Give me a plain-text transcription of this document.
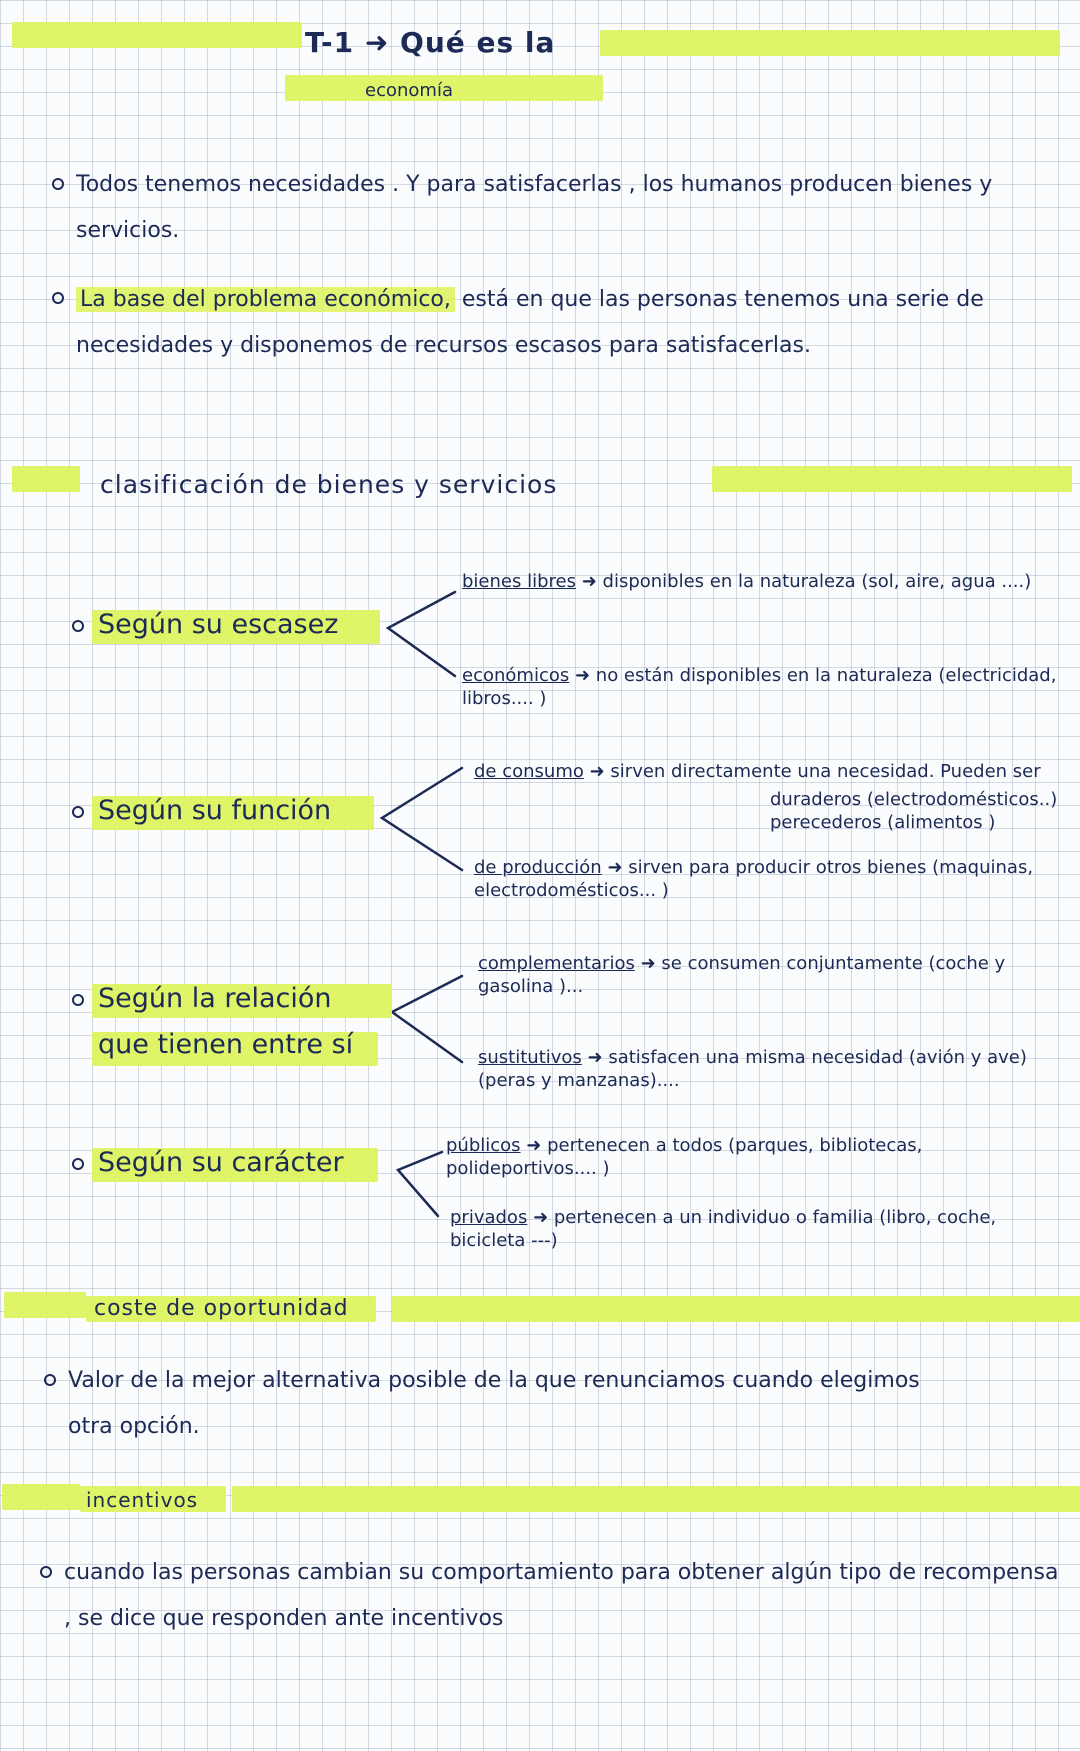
T-1 ➜ Qué es la
economía

Todos tenemos necesidades . Y para satisfacerlas , los humanos producen bienes y servicios.

La base del problema económico, está en que las personas tenemos una serie de necesidades y disponemos de recursos escasos para satisfacerlas.

clasificación de bienes y servicios
Según su escasez
bienes libres ➜ disponibles en la naturaleza (sol, aire, agua ....)
económicos ➜ no están disponibles en la naturaleza (electricidad, libros.... )
Según su función
de consumo ➜ sirven directamente una necesidad. Pueden ser
duraderos (electrodomésticos..)
perecederos (alimentos )
de producción ➜ sirven para producir otros bienes (maquinas, electrodomésticos... )
Según la relación
que tienen entre sí
complementarios ➜ se consumen conjuntamente (coche y gasolina )...
sustitutivos ➜ satisfacen una misma necesidad (avión y ave) (peras y manzanas)....
Según su carácter
públicos ➜ pertenecen a todos (parques, bibliotecas, polideportivos.... )
privados ➜ pertenecen a un individuo o familia (libro, coche, bicicleta ---)
coste de oportunidad

Valor de la mejor alternativa posible de la que renunciamos cuando elegimos otra opción.

incentivos

cuando las personas cambian su comportamiento para obtener algún tipo de recompensa , se dice que responden ante incentivos
